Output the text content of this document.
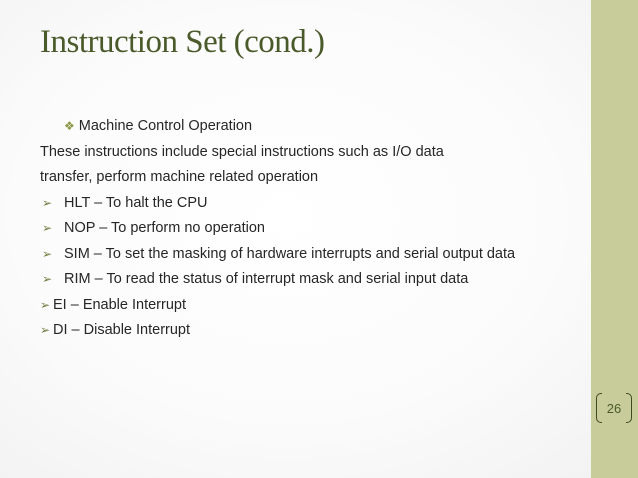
Instruction Set (cond.)
❖ Machine Control Operation
These instructions include special instructions such as I/O data
transfer, perform machine related operation
➢ HLT – To halt the CPU
➢ NOP – To perform no operation
➢ SIM – To set the masking of hardware interrupts and serial output data
➢ RIM – To read the status of interrupt mask and serial input data
➢ EI – Enable Interrupt
➢ DI – Disable Interrupt
26
